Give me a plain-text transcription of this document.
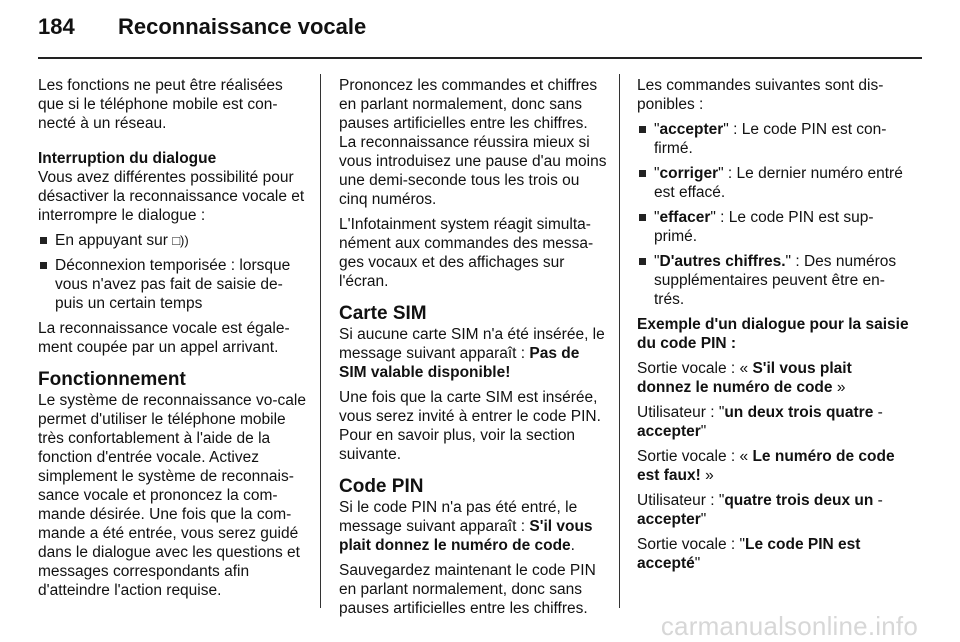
184 Reconnaissance vocale

Les fonctions ne peut être réalisées que si le téléphone mobile est con-necté à un réseau.

Interruption du dialogue

Vous avez différentes possibilité pour désactiver la reconnaissance vocale et interrompre le dialogue :

En appuyant sur □))
Déconnexion temporisée : lorsque vous n'avez pas fait de saisie de-puis un certain temps

La reconnaissance vocale est égale-ment coupée par un appel arrivant.

Fonctionnement

Le système de reconnaissance vo-cale permet d'utiliser le téléphone mobile très confortablement à l'aide de la fonction d'entrée vocale. Activez simplement le système de reconnais-sance vocale et prononcez la com-mande désirée. Une fois que la com-mande a été entrée, vous serez guidé dans le dialogue avec les questions et messages correspondants afin d'atteindre l'action requise.

Prononcez les commandes et chiffres en parlant normalement, donc sans pauses artificielles entre les chiffres. La reconnaissance réussira mieux si vous introduisez une pause d'au moins une demi-seconde tous les trois ou cinq numéros.

L'Infotainment system réagit simulta-nément aux commandes des messa-ges vocaux et des affichages sur l'écran.

Carte SIM

Si aucune carte SIM n'a été insérée, le message suivant apparaît : Pas de SIM valable disponible!

Une fois que la carte SIM est insérée, vous serez invité à entrer le code PIN. Pour en savoir plus, voir la section suivante.

Code PIN

Si le code PIN n'a pas été entré, le message suivant apparaît : S'il vous plait donnez le numéro de code.

Sauvegardez maintenant le code PIN en parlant normalement, donc sans pauses artificielles entre les chiffres.

Les commandes suivantes sont dis-ponibles :

"accepter" : Le code PIN est con-firmé.
"corriger" : Le dernier numéro entré est effacé.
"effacer" : Le code PIN est sup-primé.
"D'autres chiffres." : Des numéros supplémentaires peuvent être en-trés.

Exemple d'un dialogue pour la saisie du code PIN :

Sortie vocale : « S'il vous plait donnez le numéro de code »

Utilisateur : "un deux trois quatre - accepter"

Sortie vocale : « Le numéro de code est faux! »

Utilisateur : "quatre trois deux un - accepter"

Sortie vocale : "Le code PIN est accepté"

carmanualsonline.info
